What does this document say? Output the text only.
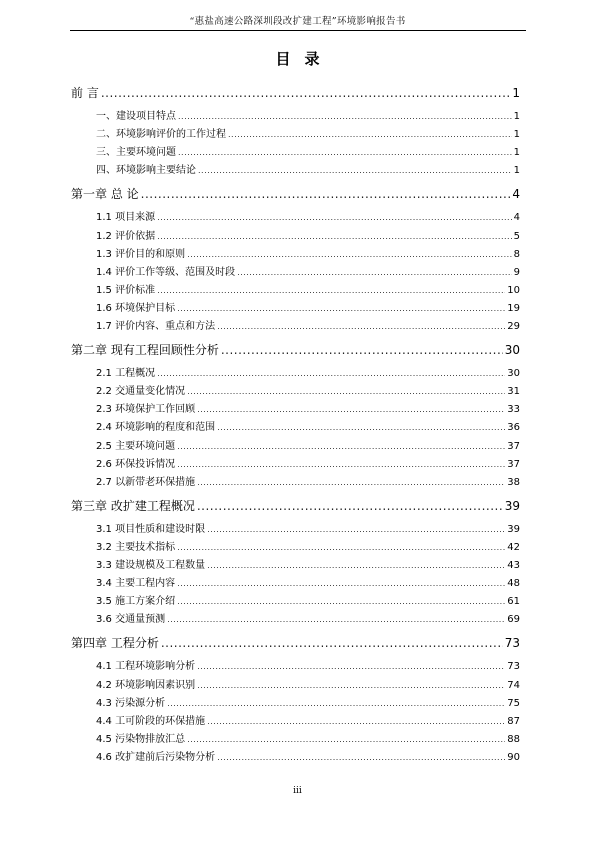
“惠盐高速公路深圳段改扩建工程”环境影响报告书
目录
前 言 .....	1
一、建设项目特点 .....	1
二、环境影响评价的工作过程 .....	1
三、主要环境问题 .....	1
四、环境影响主要结论 .....	1
第一章 总 论 .....	4
1.1 项目来源 .....	4
1.2 评价依据 .....	5
1.3 评价目的和原则 .....	8
1.4 评价工作等级、范围及时段 .....	9
1.5 评价标准 .....	10
1.6 环境保护目标 .....	19
1.7 评价内容、重点和方法 .....	29
第二章 现有工程回顾性分析 .....	30
2.1 工程概况 .....	30
2.2 交通量变化情况 .....	31
2.3 环境保护工作回顾 .....	33
2.4 环境影响的程度和范围 .....	36
2.5 主要环境问题 .....	37
2.6 环保投诉情况 .....	37
2.7 以新带老环保措施 .....	38
第三章 改扩建工程概况 .....	39
3.1 项目性质和建设时限 .....	39
3.2 主要技术指标 .....	42
3.3 建设规模及工程数量 .....	43
3.4 主要工程内容 .....	48
3.5 施工方案介绍 .....	61
3.6 交通量预测 .....	69
第四章 工程分析 .....	73
4.1 工程环境影响分析 .....	73
4.2 环境影响因素识别 .....	74
4.3 污染源分析 .....	75
4.4 工可阶段的环保措施 .....	87
4.5 污染物排放汇总 .....	88
4.6 改扩建前后污染物分析 .....	90
iii
